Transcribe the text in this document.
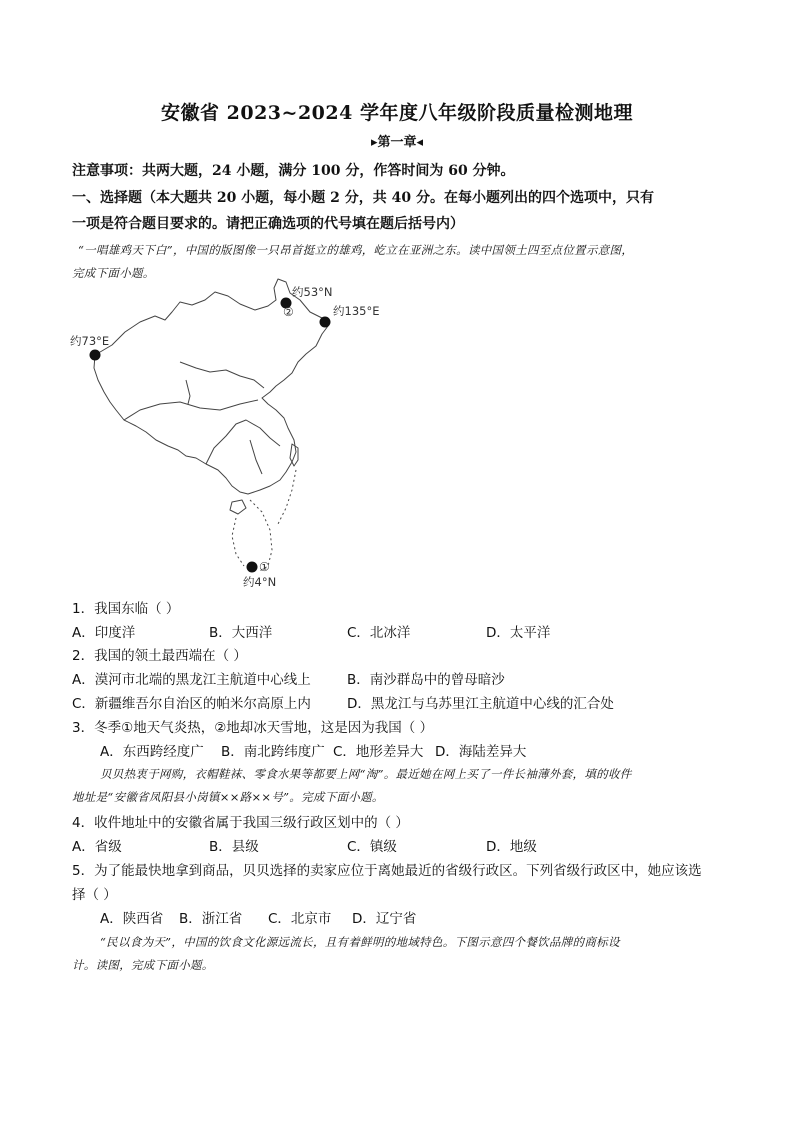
安徽省 2023~2024 学年度八年级阶段质量检测地理
▸第一章◂
注意事项：共两大题，24 小题，满分 100 分，作答时间为 60 分钟。
一、选择题（本大题共 20 小题，每小题 2 分，共 40 分。在每小题列出的四个选项中，只有
一项是符合题目要求的。请把正确选项的代号填在题后括号内）
“一唱雄鸡天下白”，中国的版图像一只昂首挺立的雄鸡，屹立在亚洲之东。读中国领土四至点位置示意图，
完成下面小题。
约53°N
②	约135°E
约73°E
①
约4°N
1．我国东临（ ）
A．印度洋	B．大西洋	C．北冰洋	D．太平洋
2．我国的领土最西端在（ ）
A．漠河市北端的黑龙江主航道中心线上	B．南沙群岛中的曾母暗沙
C．新疆维吾尔自治区的帕米尔高原上内	D．黑龙江与乌苏里江主航道中心线的汇合处
3．冬季①地天气炎热，②地却冰天雪地，这是因为我国（ ）
A．东西跨经度广 B．南北跨纬度广 C．地形差异大 D．海陆差异大
贝贝热衷于网购，衣帽鞋袜、零食水果等都要上网“淘”。最近她在网上买了一件长袖薄外套，填的收件
地址是“安徽省凤阳县小岗镇××路××号”。完成下面小题。
4．收件地址中的安徽省属于我国三级行政区划中的（ ）
A．省级	B．县级	C．镇级	D．地级
5．为了能最快地拿到商品，贝贝选择的卖家应位于离她最近的省级行政区。下列省级行政区中，她应该选
择（ ）
A．陕西省 B．浙江省 C．北京市 D．辽宁省
“民以食为天”，中国的饮食文化源远流长，且有着鲜明的地域特色。下图示意四个餐饮品牌的商标设
计。读图，完成下面小题。
